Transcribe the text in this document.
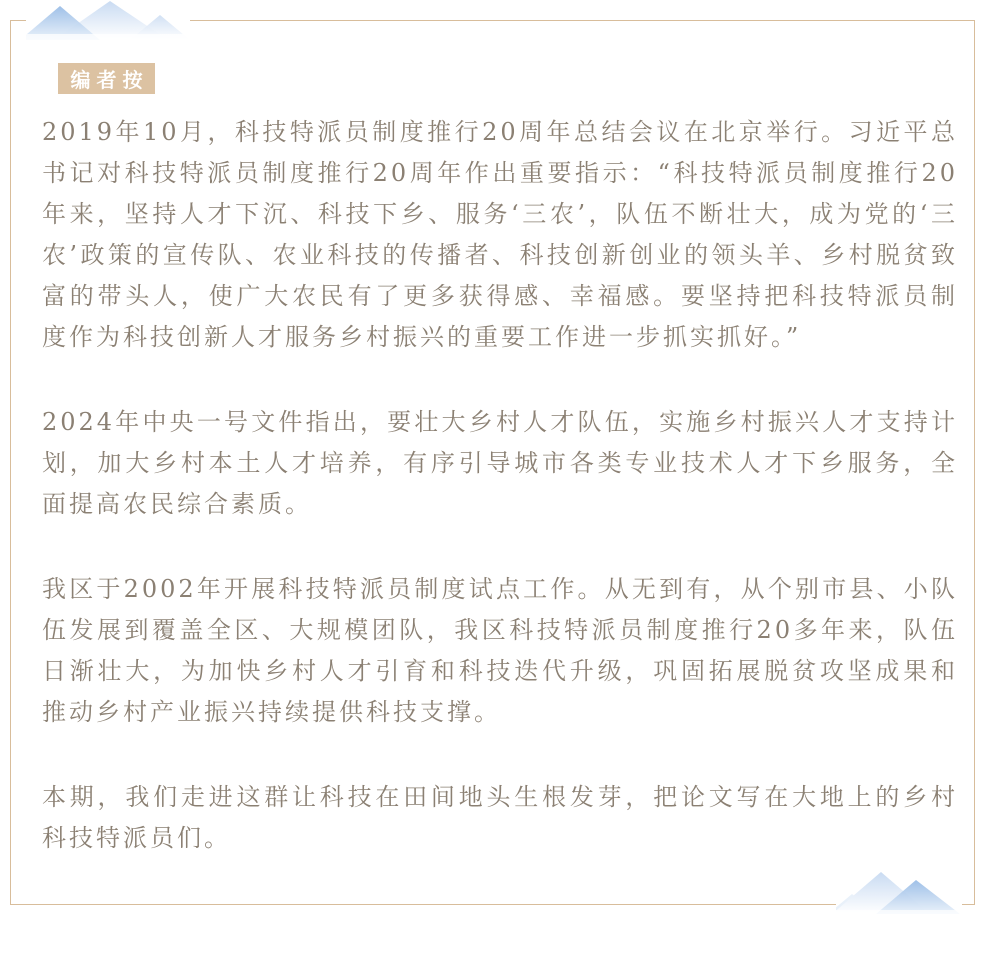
编者按

2019年10月，科技特派员制度推行20周年总结会议在北京举行。习近平总书记对科技特派员制度推行20周年作出重要指示：“科技特派员制度推行20年来，坚持人才下沉、科技下乡、服务‘三农’，队伍不断壮大，成为党的‘三农’政策的宣传队、农业科技的传播者、科技创新创业的领头羊、乡村脱贫致富的带头人，使广大农民有了更多获得感、幸福感。要坚持把科技特派员制度作为科技创新人才服务乡村振兴的重要工作进一步抓实抓好。”

2024年中央一号文件指出，要壮大乡村人才队伍，实施乡村振兴人才支持计划，加大乡村本土人才培养，有序引导城市各类专业技术人才下乡服务，全面提高农民综合素质。

我区于2002年开展科技特派员制度试点工作。从无到有，从个别市县、小队伍发展到覆盖全区、大规模团队，我区科技特派员制度推行20多年来，队伍日渐壮大，为加快乡村人才引育和科技迭代升级，巩固拓展脱贫攻坚成果和推动乡村产业振兴持续提供科技支撑。

本期，我们走进这群让科技在田间地头生根发芽，把论文写在大地上的乡村科技特派员们。
